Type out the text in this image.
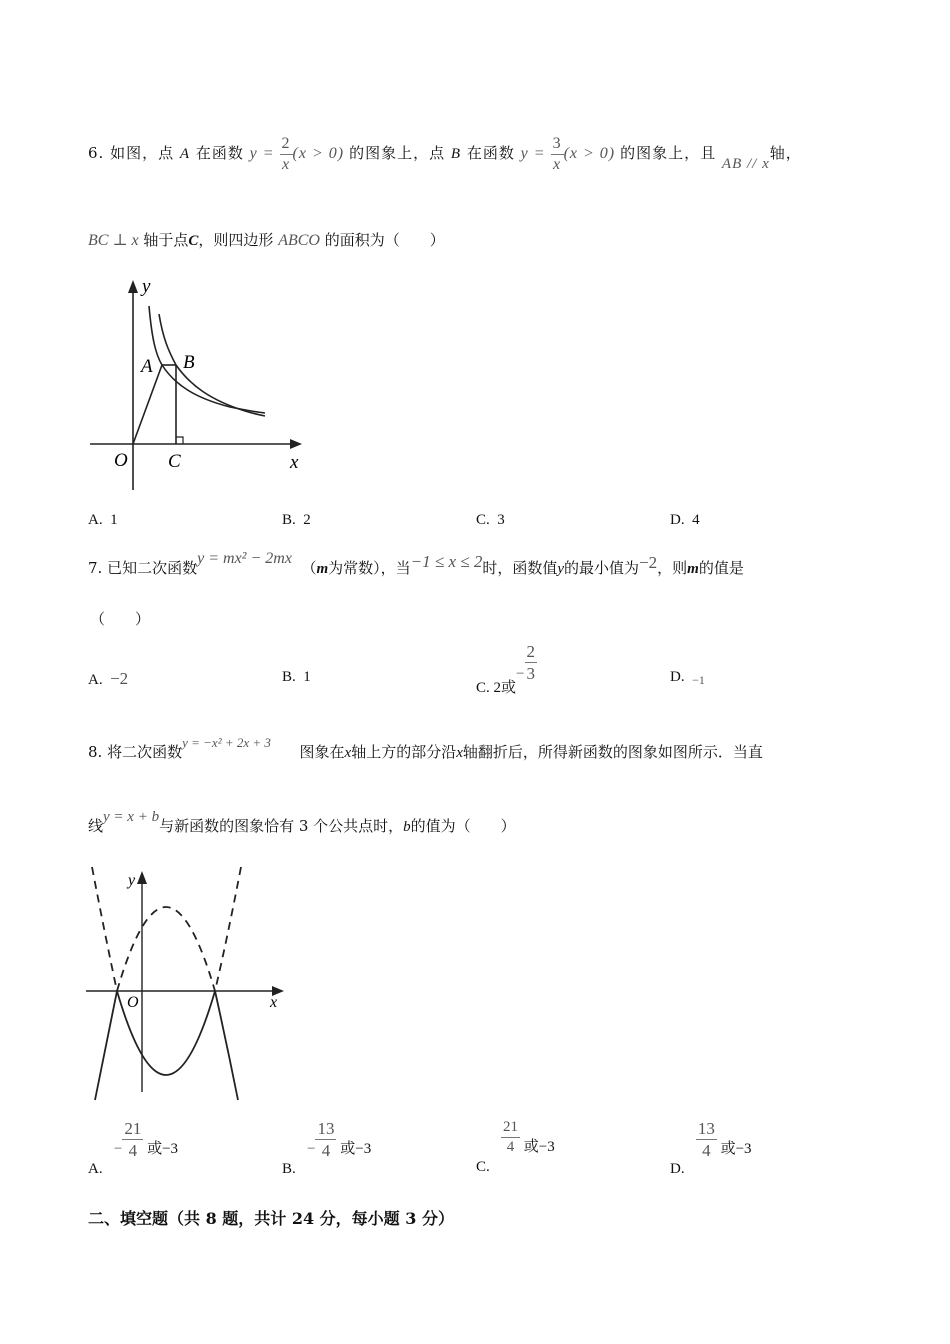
6. 如图，点 A 在函数 $y = \frac{2}{x} (x > 0)$ 的图象上，点 B 在函数 $y = \frac{3}{x} (x > 0)$ 的图象上，且 AB // x轴，
BC ⊥ x 轴于点C，则四边形 ABCO 的面积为（　　）
y
x
O C
A B
A. 1	B. 2	C. 3	D. 4
7. 已知二次函数y = mx² − 2mx  （m为常数），当−1 ≤ x ≤ 2时，函数值y的最小值为−2，则m的值是
（　　）
A. −2	B. 1
C. 2或− $\frac{2}{3}$	D. $_{-1}$
8. 将二次函数y = −x² + 2x + 3      图象在x轴上方的部分沿x轴翻折后，所得新函数的图象如图所示．当直
线y = x + b与新函数的图象恰有 3 个公共点时，b的值为（　　）
y
x
O
A.   − $\frac{21}{4}$ 或−3
B.   − $\frac{13}{4}$ 或−3
C.
$\frac{21}{4}$ 或−3
D.
$\frac{13}{4}$ 或−3
二、填空题（共 8 题，共计 24 分，每小题 3 分）
